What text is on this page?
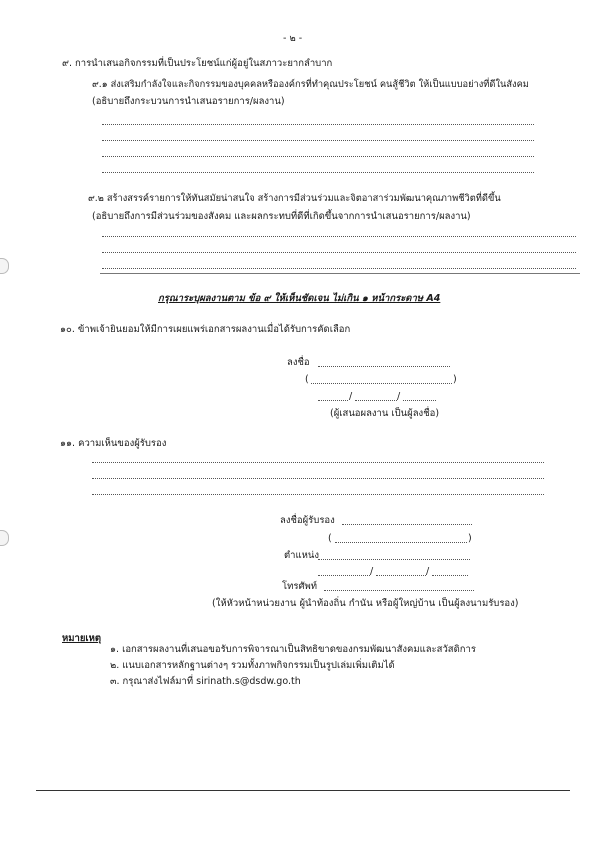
- ๒ -
๙. การนำเสนอกิจกรรมที่เป็นประโยชน์แก่ผู้อยู่ในสภาวะยากลำบาก
๙.๑ ส่งเสริมกำลังใจและกิจกรรมของบุคคลหรือองค์กรที่ทำคุณประโยชน์ คนสู้ชีวิต ให้เป็นแบบอย่างที่ดีในสังคม
(อธิบายถึงกระบวนการนำเสนอรายการ/ผลงาน)
๙.๒ สร้างสรรค์รายการให้ทันสมัยน่าสนใจ สร้างการมีส่วนร่วมและจิตอาสาร่วมพัฒนาคุณภาพชีวิตที่ดีขึ้น
(อธิบายถึงการมีส่วนร่วมของสังคม และผลกระทบที่ดีที่เกิดขึ้นจากการนำเสนอรายการ/ผลงาน)
กรุณาระบุผลงานตาม ข้อ ๙ ให้เห็นชัดเจน ไม่เกิน ๑ หน้ากระดาษ A4
๑๐. ข้าพเจ้ายินยอมให้มีการเผยแพร่เอกสารผลงานเมื่อได้รับการคัดเลือก
ลงชื่อ
(	)
/	/
(ผู้เสนอผลงาน เป็นผู้ลงชื่อ)
๑๑. ความเห็นของผู้รับรอง
ลงชื่อผู้รับรอง
(	)
ตำแหน่ง
/	/
โทรศัพท์
(ให้หัวหน้าหน่วยงาน ผู้นำท้องถิ่น กำนัน หรือผู้ใหญ่บ้าน เป็นผู้ลงนามรับรอง)
หมายเหตุ
๑. เอกสารผลงานที่เสนอขอรับการพิจารณาเป็นสิทธิขาดของกรมพัฒนาสังคมและสวัสดิการ
๒. แนบเอกสารหลักฐานต่างๆ รวมทั้งภาพกิจกรรมเป็นรูปเล่มเพิ่มเติมได้
๓. กรุณาส่งไฟล์มาที่ sirinath.s@dsdw.go.th
